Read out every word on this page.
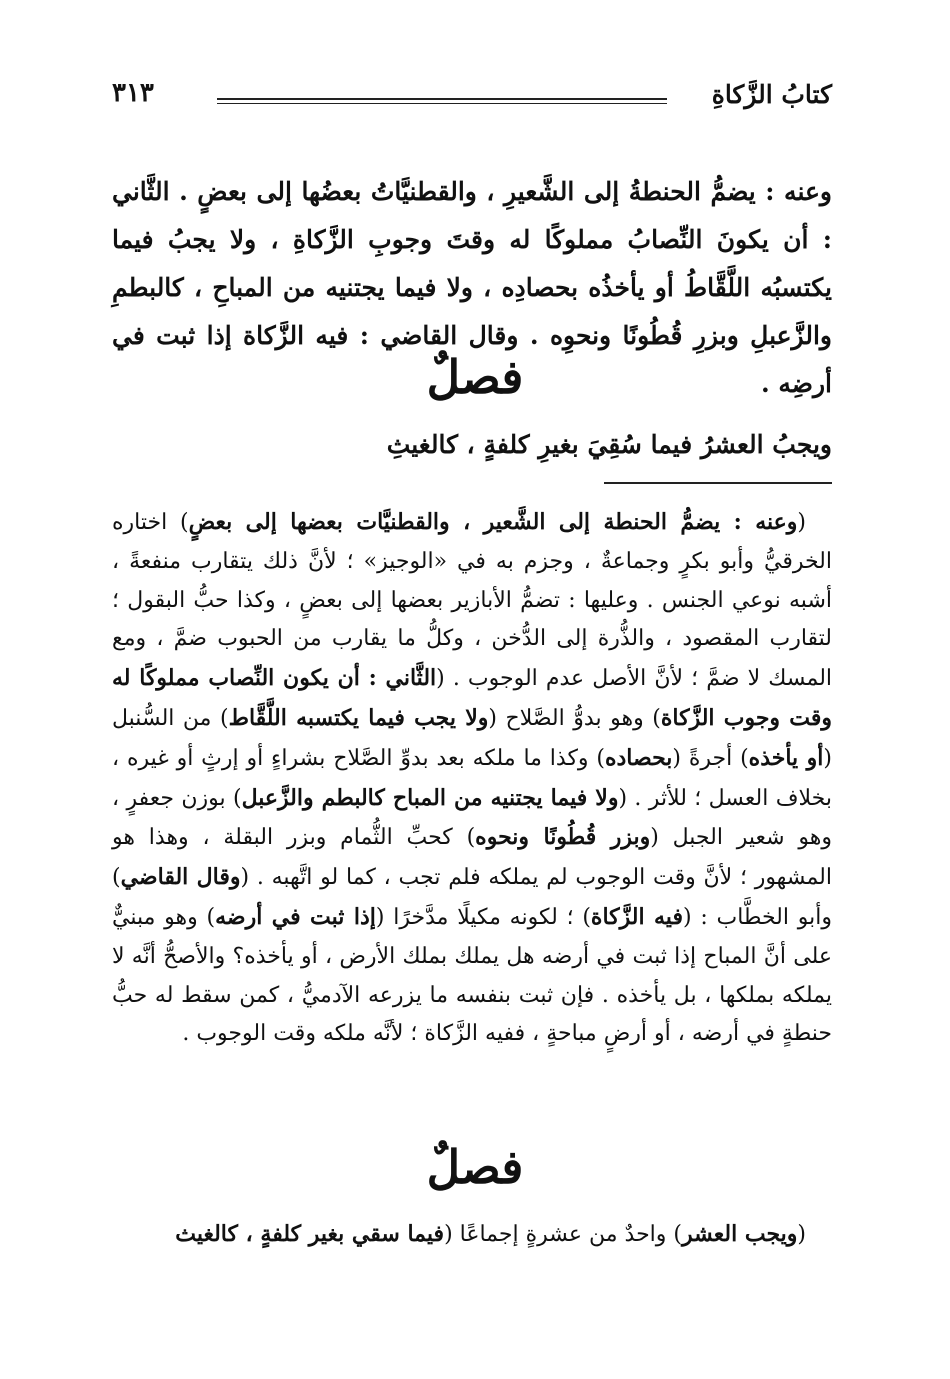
كتابُ الزَّكاةِ
٣١٣
وعنه : يضمُّ الحنطةُ إلى الشَّعيرِ ، والقطنيَّاتُ بعضُها إلى بعضٍ . الثَّاني : أن يكونَ النِّصابُ مملوكًا له وقتَ وجوبِ الزَّكاةِ ، ولا يجبُ فيما يكتسبُه اللَّقَّاطُ أو يأخذُه بحصادِه ، ولا فيما يجتنيه من المباحِ ، كالبطمِ والزَّعبلِ وبزرِ قُطُونًا ونحوِه . وقال القاضي : فيه الزَّكاة إذا ثبت في أرضِه .
فصلٌ
ويجبُ العشرُ فيما سُقِيَ بغيرِ كلفةٍ ، كالغيثِ

(وعنه : يضمُّ الحنطة إلى الشَّعير ، والقطنيَّات بعضها إلى بعضٍ) اختاره الخرقيُّ وأبو بكرٍ وجماعةٌ ، وجزم به في «الوجيز» ؛ لأنَّ ذلك يتقارب منفعةً ، أشبه نوعي الجنس . وعليها : تضمُّ الأبازير بعضها إلى بعضٍ ، وكذا حبُّ البقول ؛ لتقارب المقصود ، والذُّرة إلى الدُّخن ، وكلُّ ما يقارب من الحبوب ضمَّ ، ومع المسك لا ضمَّ ؛ لأنَّ الأصل عدم الوجوب . (الثَّاني : أن يكون النِّصاب مملوكًا له وقت وجوب الزَّكاة) وهو بدوُّ الصَّلاح (ولا يجب فيما يكتسبه اللَّقَّاط) من السُّنبل (أو يأخذه) أجرةً (بحصاده) وكذا ما ملكه بعد بدوِّ الصَّلاح بشراءٍ أو إرثٍ أو غيره ، بخلاف العسل ؛ للأثر . (ولا فيما يجتنيه من المباح كالبطم والزَّعبل) بوزن جعفرٍ ، وهو شعير الجبل (وبزر قُطُونًا ونحوه) كحبِّ الثُّمام وبزر البقلة ، وهذا هو المشهور ؛ لأنَّ وقت الوجوب لم يملكه فلم تجب ، كما لو اتَّهبه . (وقال القاضي) وأبو الخطَّاب : (فيه الزَّكاة) ؛ لكونه مكيلًا مدَّخرًا (إذا ثبت في أرضه) وهو مبنيٌّ على أنَّ المباح إذا ثبت في أرضه هل يملك بملك الأرض ، أو يأخذه؟ والأصحُّ أنَّه لا يملكه بملكها ، بل يأخذه . فإن ثبت بنفسه ما يزرعه الآدميُّ ، كمن سقط له حبُّ حنطةٍ في أرضه ، أو أرضٍ مباحةٍ ، ففيه الزَّكاة ؛ لأنَّه ملكه وقت الوجوب .

فصلٌ
(ويجب العشر) واحدٌ من عشرةٍ إجماعًا (فيما سقي بغير كلفةٍ ، كالغيث
